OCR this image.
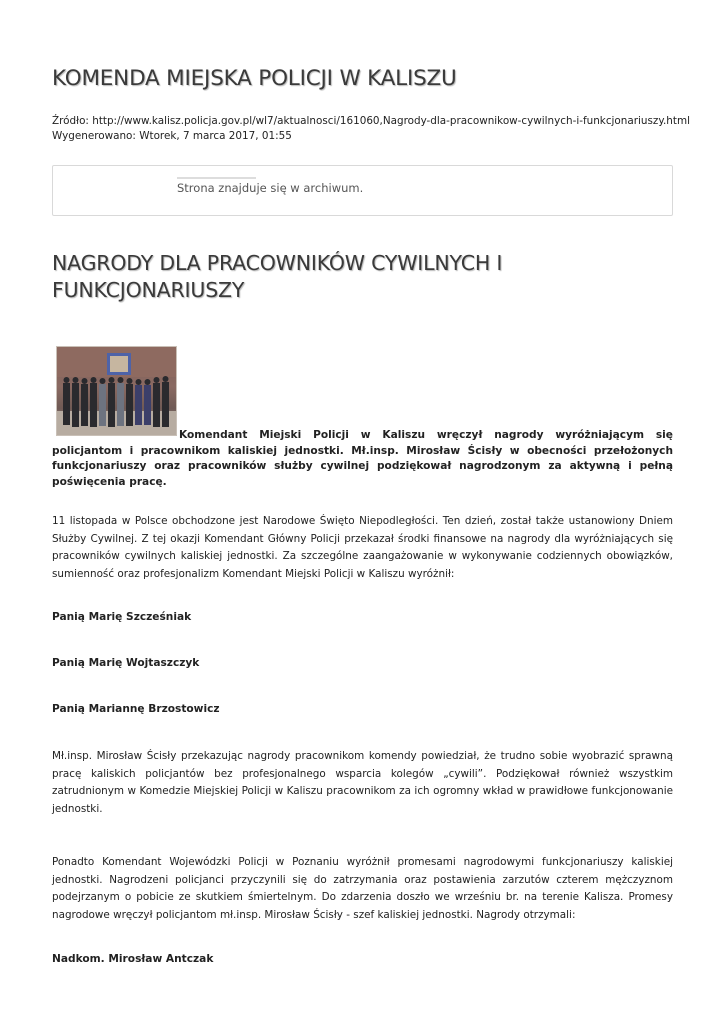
KOMENDA MIEJSKA POLICJI W KALISZU
Źródło: http://www.kalisz.policja.gov.pl/wl7/aktualnosci/161060,Nagrody-dla-pracownikow-cywilnych-i-funkcjonariuszy.html
Wygenerowano: Wtorek, 7 marca 2017, 01:55
Strona znajduje się w archiwum.
NAGRODY DLA PRACOWNIKÓW CYWILNYCH I FUNKCJONARIUSZY

Komendant Miejski Policji w Kaliszu wręczył nagrody wyróżniającym się policjantom i pracownikom kaliskiej jednostki. Mł.insp. Mirosław Ścisły w obecności przełożonych funkcjonariuszy oraz pracowników służby cywilnej podziękował nagrodzonym za aktywną i pełną poświęcenia pracę.

11 listopada w Polsce obchodzone jest Narodowe Święto Niepodległości. Ten dzień, został także ustanowiony Dniem Służby Cywilnej. Z tej okazji Komendant Główny Policji przekazał środki finansowe na nagrody dla wyróżniających się pracowników cywilnych kaliskiej jednostki. Za szczególne zaangażowanie w wykonywanie codziennych obowiązków, sumienność oraz profesjonalizm Komendant Miejski Policji w Kaliszu wyróżnił:

Panią Marię Szcześniak

Panią Marię Wojtaszczyk

Panią Mariannę Brzostowicz

Mł.insp. Mirosław Ścisły przekazując nagrody pracownikom komendy powiedział, że trudno sobie wyobrazić sprawną pracę kaliskich policjantów bez profesjonalnego wsparcia kolegów „cywili”. Podziękował również wszystkim zatrudnionym w Komedzie Miejskiej Policji w Kaliszu pracownikom za ich ogromny wkład w prawidłowe funkcjonowanie jednostki.

Ponadto Komendant Wojewódzki Policji w Poznaniu wyróżnił promesami nagrodowymi funkcjonariuszy kaliskiej jednostki. Nagrodzeni policjanci przyczynili się do zatrzymania oraz postawienia zarzutów czterem mężczyznom podejrzanym o pobicie ze skutkiem śmiertelnym. Do zdarzenia doszło we wrześniu br. na terenie Kalisza. Promesy nagrodowe wręczył policjantom mł.insp. Mirosław Ścisły - szef kaliskiej jednostki. Nagrody otrzymali:

Nadkom. Mirosław Antczak
